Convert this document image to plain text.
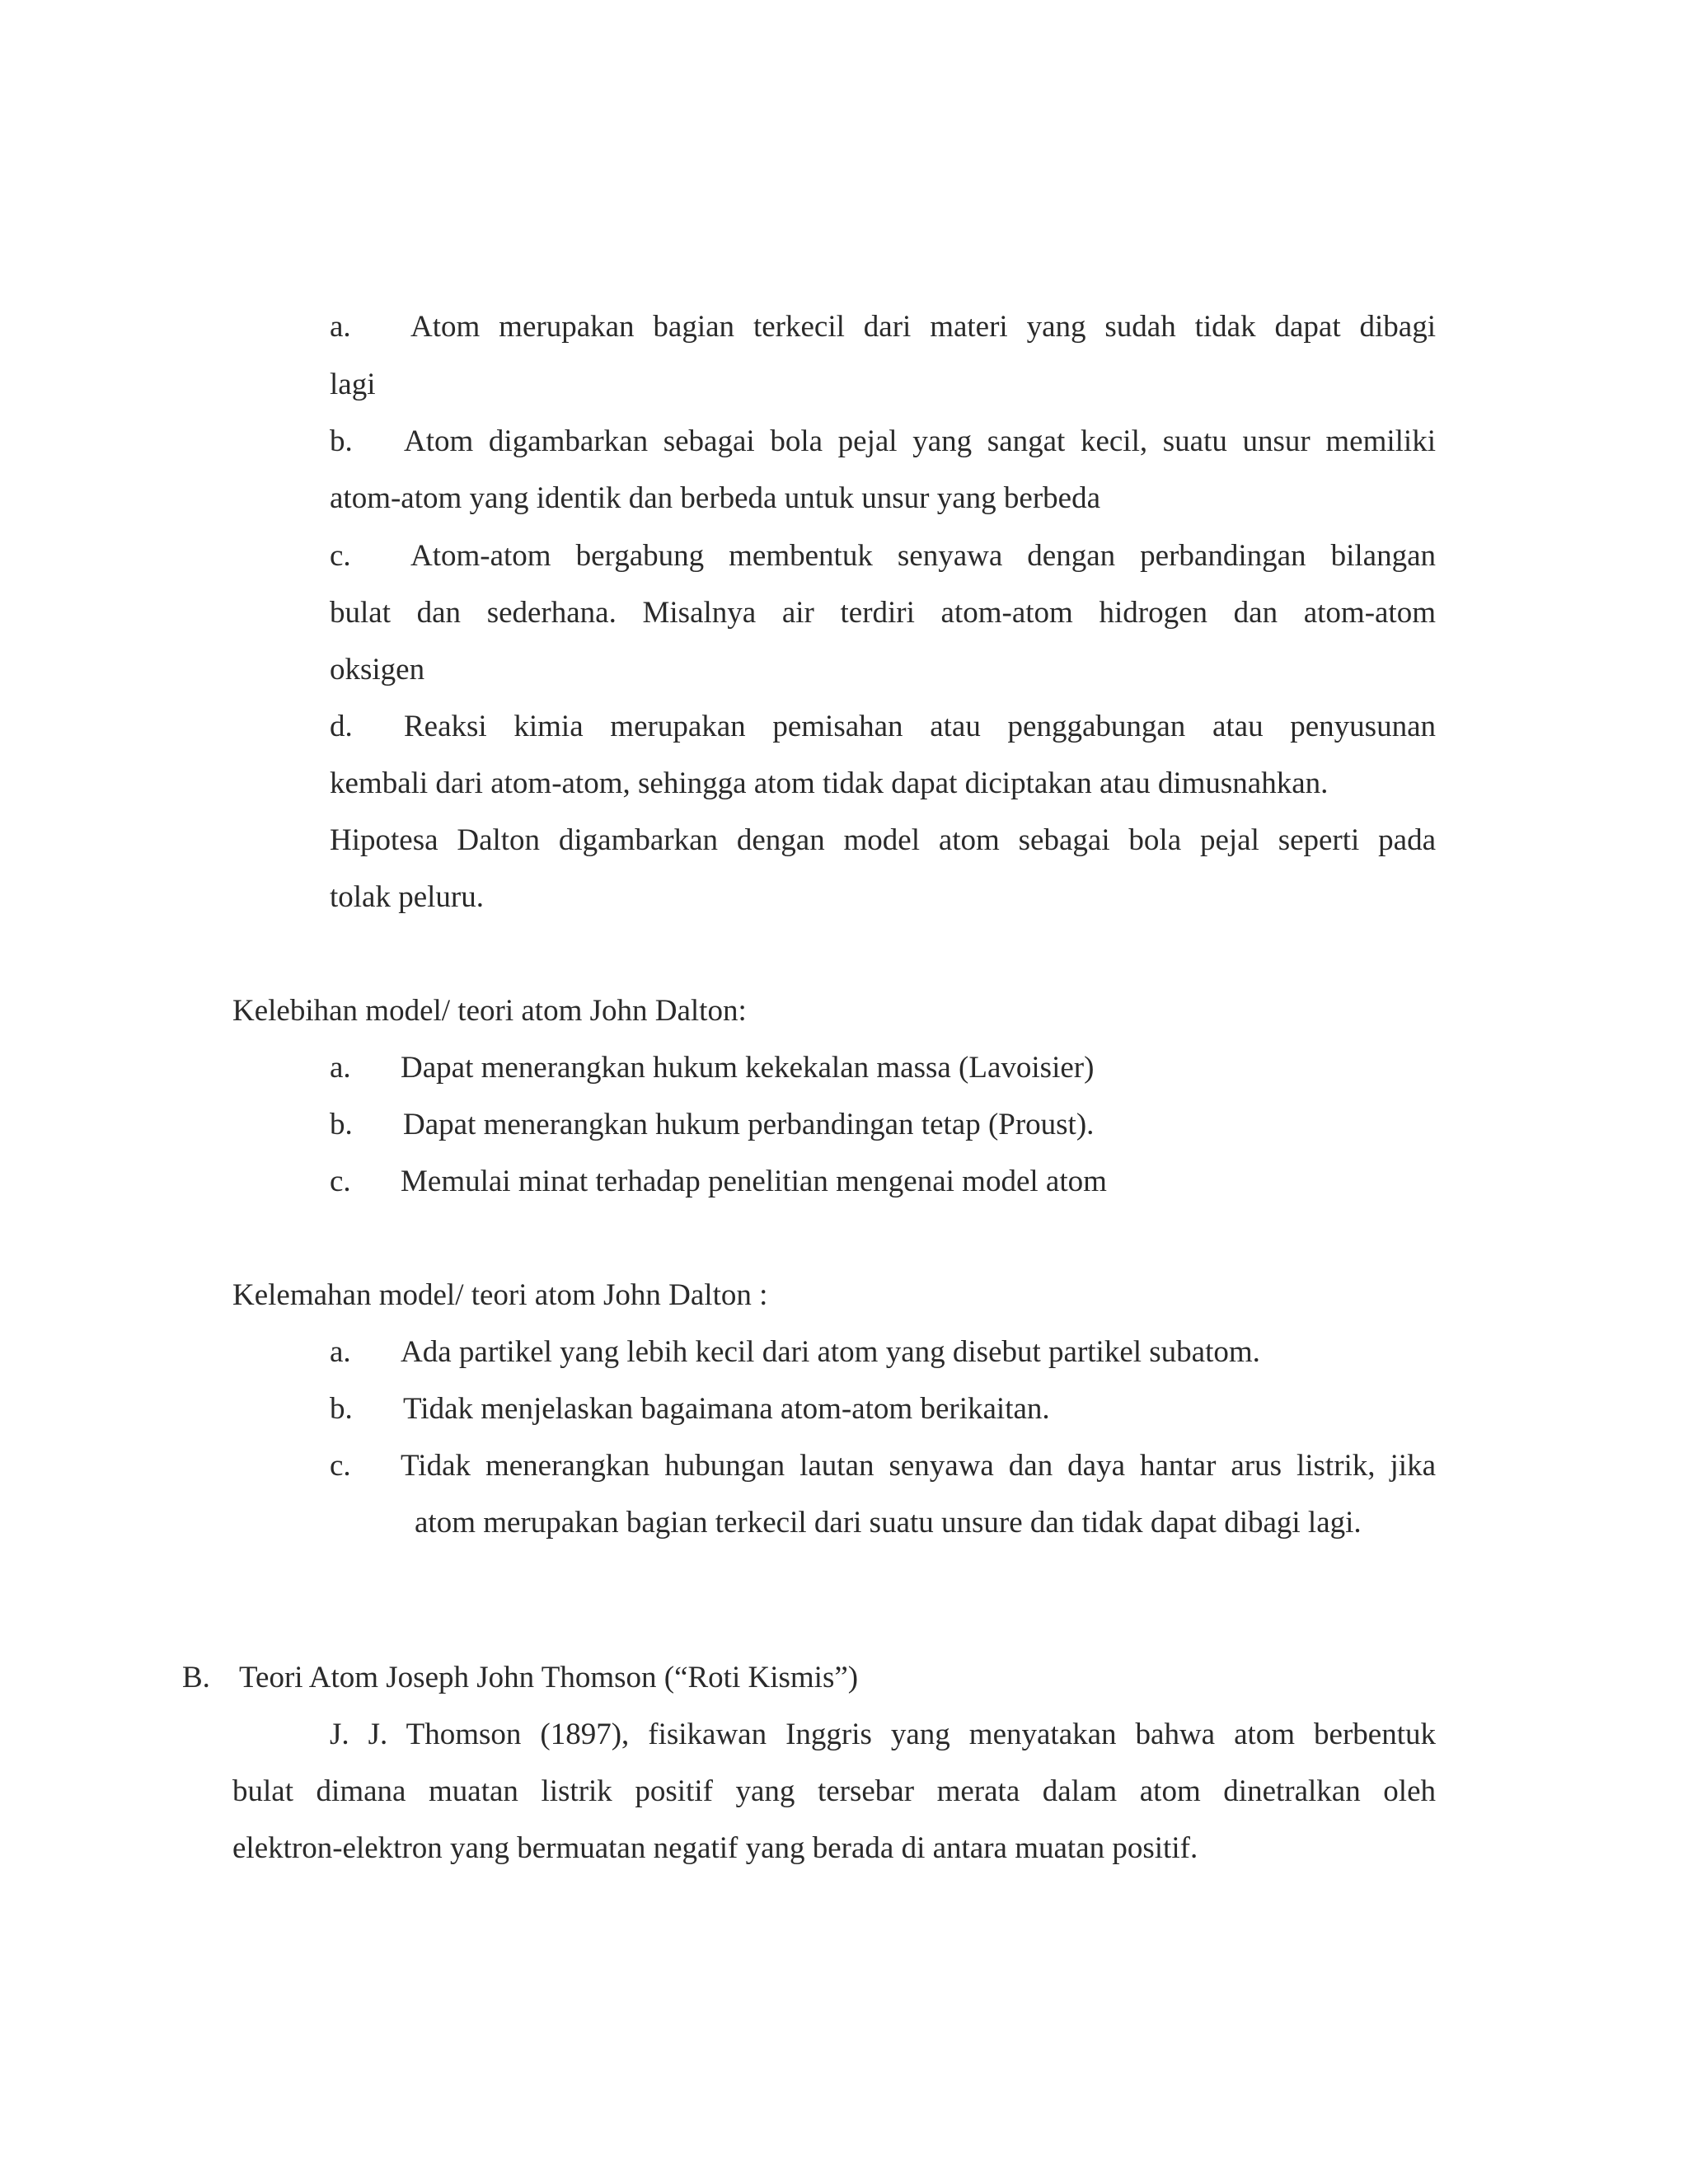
a. Atom merupakan bagian terkecil dari materi yang sudah tidak dapat dibagi
lagi
b. Atom digambarkan sebagai bola pejal yang sangat kecil, suatu unsur memiliki
atom-atom yang identik dan berbeda untuk unsur yang berbeda
c. Atom-atom bergabung membentuk senyawa dengan perbandingan bilangan
bulat dan sederhana. Misalnya air terdiri atom-atom hidrogen dan atom-atom
oksigen
d. Reaksi kimia merupakan pemisahan atau penggabungan atau penyusunan
kembali dari atom-atom, sehingga atom tidak dapat diciptakan atau dimusnahkan.
Hipotesa Dalton digambarkan dengan model atom sebagai bola pejal seperti pada
tolak peluru.
Kelebihan model/ teori atom John Dalton:
a. Dapat menerangkan hukum kekekalan massa (Lavoisier)
b. Dapat menerangkan hukum perbandingan tetap (Proust).
c. Memulai minat terhadap penelitian mengenai model atom
Kelemahan model/ teori atom John Dalton :
a. Ada partikel yang lebih kecil dari atom yang disebut partikel subatom.
b. Tidak menjelaskan bagaimana atom-atom berikaitan.
c. Tidak menerangkan hubungan lautan senyawa dan daya hantar arus listrik, jika
atom merupakan bagian terkecil dari suatu unsure dan tidak dapat dibagi lagi.
B. Teori Atom Joseph John Thomson (“Roti Kismis”)
J. J. Thomson (1897), fisikawan Inggris yang menyatakan bahwa atom berbentuk
bulat dimana muatan listrik positif yang tersebar merata dalam atom dinetralkan oleh
elektron-elektron yang bermuatan negatif yang berada di antara muatan positif.
